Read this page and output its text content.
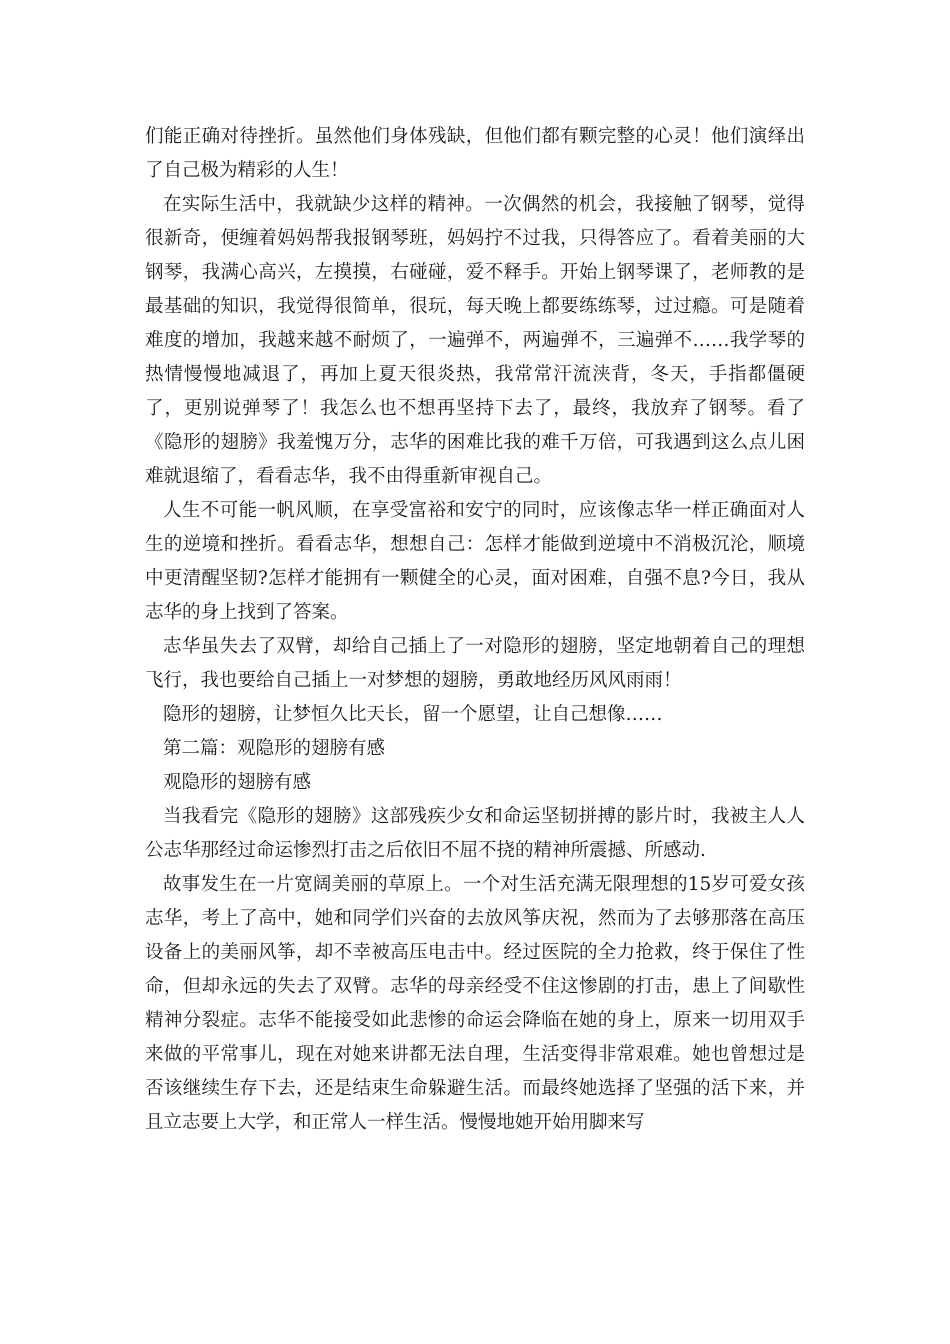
们能正确对待挫折。虽然他们身体残缺，但他们都有颗完整的心灵！他们演绎出了自己极为精彩的人生！

在实际生活中，我就缺少这样的精神。一次偶然的机会，我接触了钢琴，觉得很新奇，便缠着妈妈帮我报钢琴班，妈妈拧不过我，只得答应了。看着美丽的大钢琴，我满心高兴，左摸摸，右碰碰，爱不释手。开始上钢琴课了，老师教的是最基础的知识，我觉得很简单，很玩，每天晚上都要练练琴，过过瘾。可是随着难度的增加，我越来越不耐烦了，一遍弹不，两遍弹不，三遍弹不……我学琴的热情慢慢地减退了，再加上夏天很炎热，我常常汗流浃背，冬天，手指都僵硬了，更别说弹琴了！我怎么也不想再坚持下去了，最终，我放弃了钢琴。看了《隐形的翅膀》我羞愧万分，志华的困难比我的难千万倍，可我遇到这么点儿困难就退缩了，看看志华，我不由得重新审视自己。

人生不可能一帆风顺，在享受富裕和安宁的同时，应该像志华一样正确面对人生的逆境和挫折。看看志华，想想自己：怎样才能做到逆境中不消极沉沦，顺境中更清醒坚韧?怎样才能拥有一颗健全的心灵，面对困难，自强不息?今日，我从志华的身上找到了答案。

志华虽失去了双臂，却给自己插上了一对隐形的翅膀，坚定地朝着自己的理想飞行，我也要给自己插上一对梦想的翅膀，勇敢地经历风风雨雨！

隐形的翅膀，让梦恒久比天长，留一个愿望，让自己想像……

第二篇：观隐形的翅膀有感

观隐形的翅膀有感

当我看完《隐形的翅膀》这部残疾少女和命运坚韧拼搏的影片时，我被主人人公志华那经过命运惨烈打击之后依旧不屈不挠的精神所震撼、所感动.

故事发生在一片宽阔美丽的草原上。一个对生活充满无限理想的15岁可爱女孩志华，考上了高中，她和同学们兴奋的去放风筝庆祝，然而为了去够那落在高压设备上的美丽风筝，却不幸被高压电击中。经过医院的全力抢救，终于保住了性命，但却永远的失去了双臂。志华的母亲经受不住这惨剧的打击，患上了间歇性精神分裂症。志华不能接受如此悲惨的命运会降临在她的身上，原来一切用双手来做的平常事儿，现在对她来讲都无法自理，生活变得非常艰难。她也曾想过是否该继续生存下去，还是结束生命躲避生活。而最终她选择了坚强的活下来，并且立志要上大学，和正常人一样生活。慢慢地她开始用脚来写
